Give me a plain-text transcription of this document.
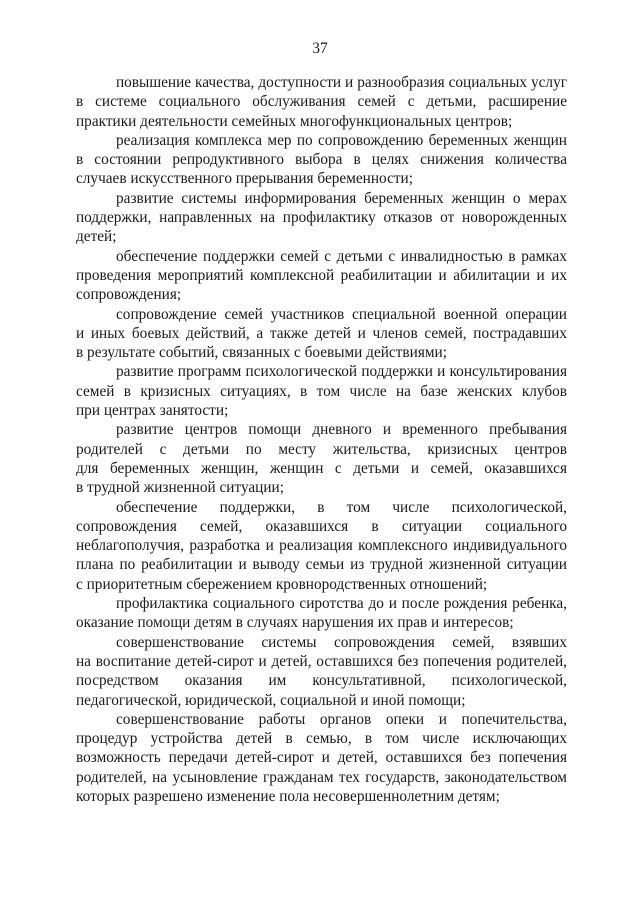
37

повышение качества, доступности и разнообразия социальных услуг
в системе социального обслуживания семей с детьми, расширение
практики деятельности семейных многофункциональных центров;

реализация комплекса мер по сопровождению беременных женщин
в состоянии репродуктивного выбора в целях снижения количества
случаев искусственного прерывания беременности;

развитие системы информирования беременных женщин о мерах
поддержки, направленных на профилактику отказов от новорожденных
детей;

обеспечение поддержки семей с детьми с инвалидностью в рамках
проведения мероприятий комплексной реабилитации и абилитации и их
сопровождения;

сопровождение семей участников специальной военной операции
и иных боевых действий, а также детей и членов семей, пострадавших
в результате событий, связанных с боевыми действиями;

развитие программ психологической поддержки и консультирования
семей в кризисных ситуациях, в том числе на базе женских клубов
при центрах занятости;

развитие центров помощи дневного и временного пребывания
родителей с детьми по месту жительства, кризисных центров
для беременных женщин, женщин с детьми и семей, оказавшихся
в трудной жизненной ситуации;

обеспечение поддержки, в том числе психологической,
сопровождения семей, оказавшихся в ситуации социального
неблагополучия, разработка и реализация комплексного индивидуального
плана по реабилитации и выводу семьи из трудной жизненной ситуации
с приоритетным сбережением кровнородственных отношений;

профилактика социального сиротства до и после рождения ребенка,
оказание помощи детям в случаях нарушения их прав и интересов;

совершенствование системы сопровождения семей, взявших
на воспитание детей-сирот и детей, оставшихся без попечения родителей,
посредством оказания им консультативной, психологической,
педагогической, юридической, социальной и иной помощи;

совершенствование работы органов опеки и попечительства,
процедур устройства детей в семью, в том числе исключающих
возможность передачи детей-сирот и детей, оставшихся без попечения
родителей, на усыновление гражданам тех государств, законодательством
которых разрешено изменение пола несовершеннолетним детям;
